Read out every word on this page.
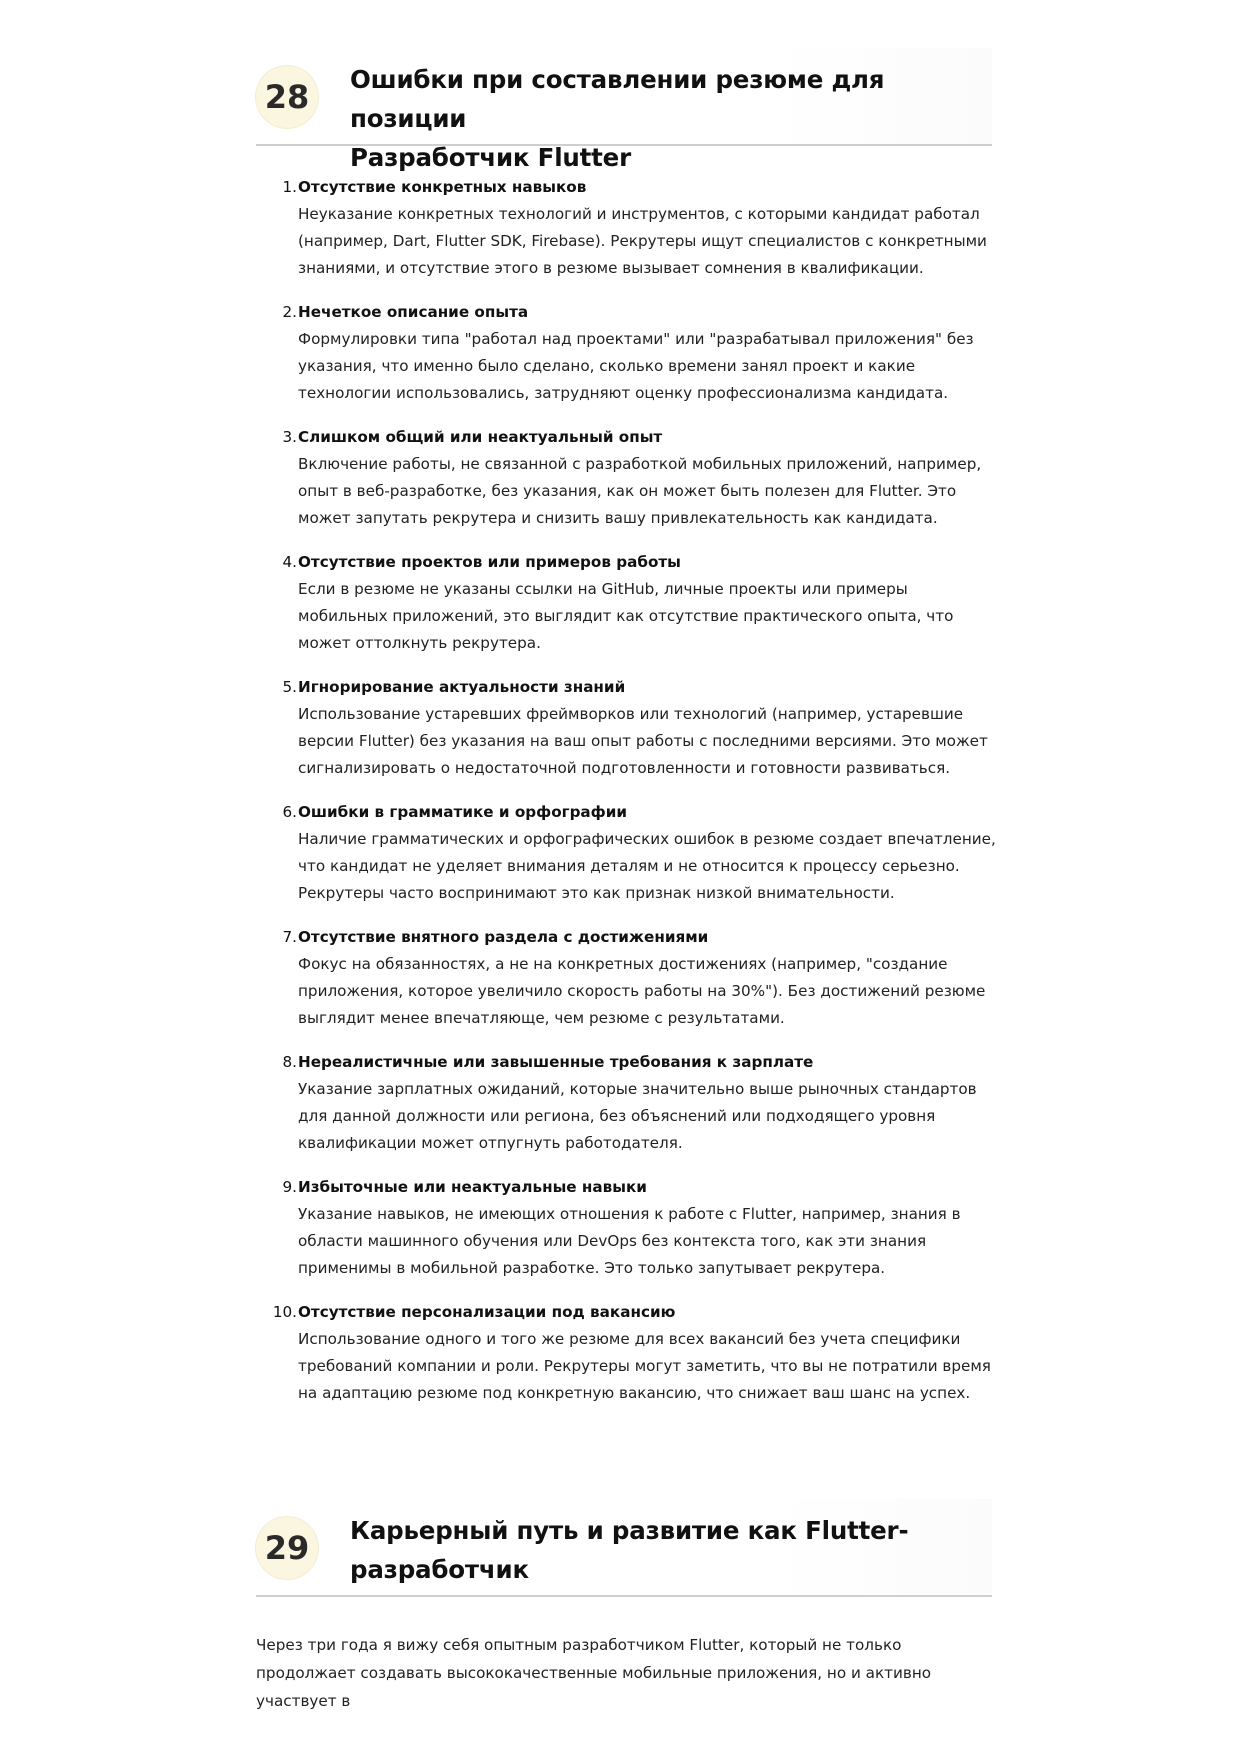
28	Ошибки при составлении резюме для позиции
Разработчик Flutter
1. Отсутствие конкретных навыков
Неуказание конкретных технологий и инструментов, с которыми кандидат работал (например, Dart, Flutter SDK, Firebase). Рекрутеры ищут специалистов с конкретными знаниями, и отсутствие этого в резюме вызывает сомнения в квалификации.
2. Нечеткое описание опыта
Формулировки типа "работал над проектами" или "разрабатывал приложения" без указания, что именно было сделано, сколько времени занял проект и какие технологии использовались, затрудняют оценку профессионализма кандидата.
3. Слишком общий или неактуальный опыт
Включение работы, не связанной с разработкой мобильных приложений, например, опыт в веб-разработке, без указания, как он может быть полезен для Flutter. Это может запутать рекрутера и снизить вашу привлекательность как кандидата.
4. Отсутствие проектов или примеров работы
Если в резюме не указаны ссылки на GitHub, личные проекты или примеры мобильных приложений, это выглядит как отсутствие практического опыта, что может оттолкнуть рекрутера.
5. Игнорирование актуальности знаний
Использование устаревших фреймворков или технологий (например, устаревшие версии Flutter) без указания на ваш опыт работы с последними версиями. Это может сигнализировать о недостаточной подготовленности и готовности развиваться.
6. Ошибки в грамматике и орфографии
Наличие грамматических и орфографических ошибок в резюме создает впечатление, что кандидат не уделяет внимания деталям и не относится к процессу серьезно. Рекрутеры часто воспринимают это как признак низкой внимательности.
7. Отсутствие внятного раздела с достижениями
Фокус на обязанностях, а не на конкретных достижениях (например, "создание приложения, которое увеличило скорость работы на 30%"). Без достижений резюме выглядит менее впечатляюще, чем резюме с результатами.
8. Нереалистичные или завышенные требования к зарплате
Указание зарплатных ожиданий, которые значительно выше рыночных стандартов для данной должности или региона, без объяснений или подходящего уровня квалификации может отпугнуть работодателя.
9. Избыточные или неактуальные навыки
Указание навыков, не имеющих отношения к работе с Flutter, например, знания в области машинного обучения или DevOps без контекста того, как эти знания применимы в мобильной разработке. Это только запутывает рекрутера.
10. Отсутствие персонализации под вакансию
Использование одного и того же резюме для всех вакансий без учета специфики требований компании и роли. Рекрутеры могут заметить, что вы не потратили время на адаптацию резюме под конкретную вакансию, что снижает ваш шанс на успех.
29	Карьерный путь и развитие как Flutter-
разработчик

Через три года я вижу себя опытным разработчиком Flutter, который не только продолжает создавать высококачественные мобильные приложения, но и активно участвует в
